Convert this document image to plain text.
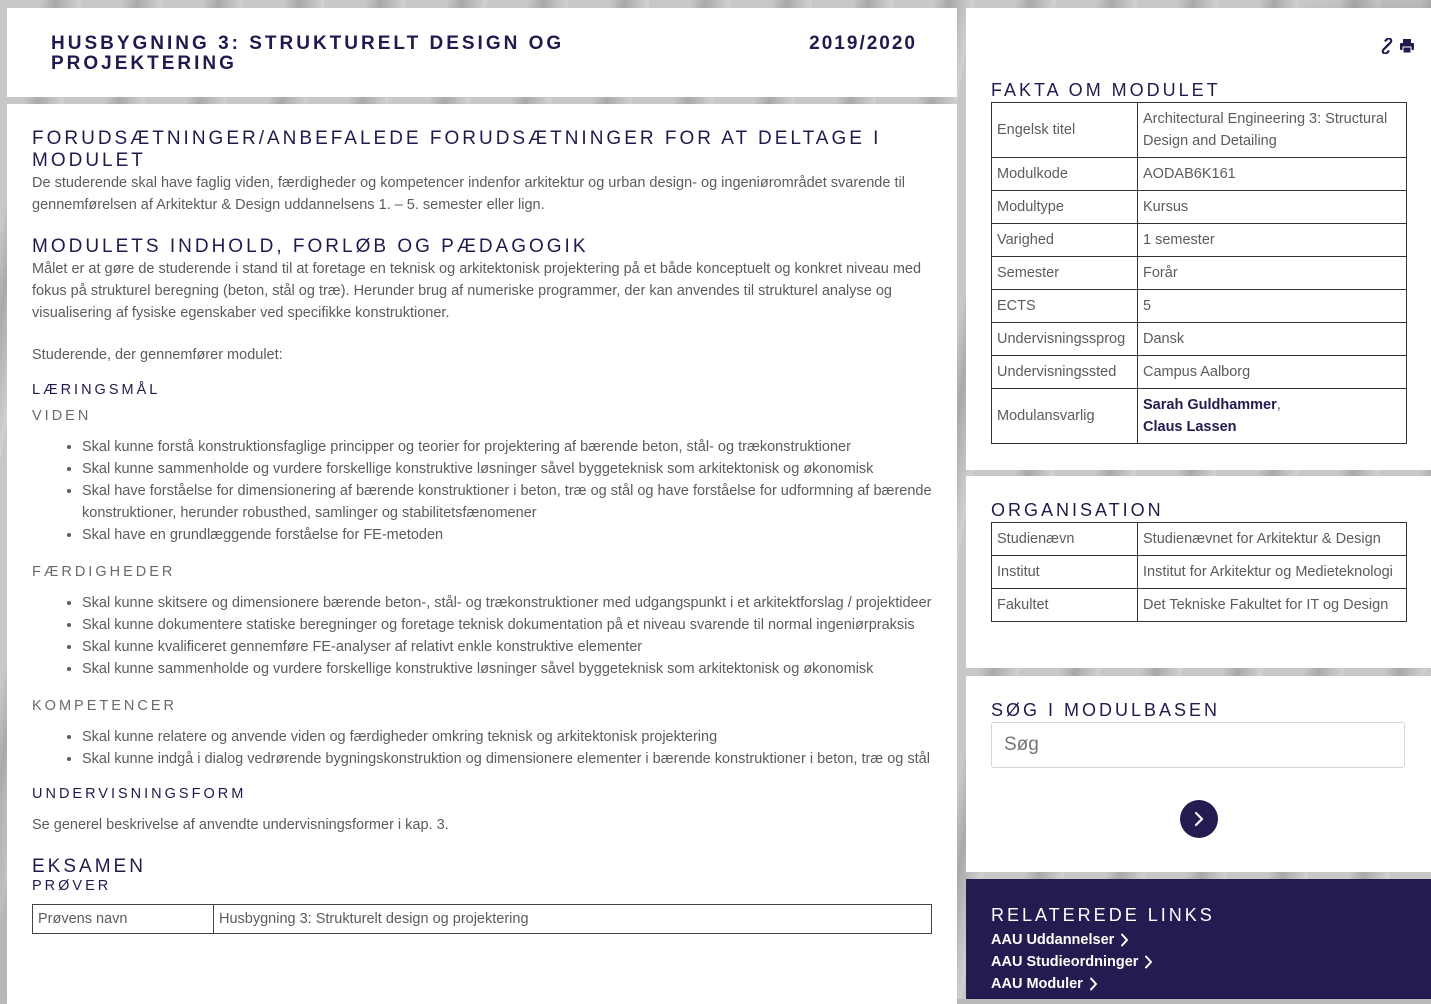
HUSBYGNING 3: STRUKTURELT DESIGN OG PROJEKTERING
2019/2020
FORUDSÆTNINGER/ANBEFALEDE FORUDSÆTNINGER FOR AT DELTAGE I MODULET

De studerende skal have faglig viden, færdigheder og kompetencer indenfor arkitektur og urban design- og ingeniørområdet svarende til gennemførelsen af Arkitektur & Design uddannelsens 1. – 5. semester eller lign.

MODULETS INDHOLD, FORLØB OG PÆDAGOGIK

Målet er at gøre de studerende i stand til at foretage en teknisk og arkitektonisk projektering på et både konceptuelt og konkret niveau med fokus på strukturel beregning (beton, stål og træ). Herunder brug af numeriske programmer, der kan anvendes til strukturel analyse og visualisering af fysiske egenskaber ved specifikke konstruktioner.

Studerende, der gennemfører modulet:

LÆRINGSMÅL
VIDEN
• Skal kunne forstå konstruktionsfaglige principper og teorier for projektering af bærende beton, stål- og trækonstruktioner
• Skal kunne sammenholde og vurdere forskellige konstruktive løsninger såvel byggeteknisk som arkitektonisk og økonomisk
• Skal have forståelse for dimensionering af bærende konstruktioner i beton, træ og stål og have forståelse for udformning af bærende konstruktioner, herunder robusthed, samlinger og stabilitetsfænomener
• Skal have en grundlæggende forståelse for FE-metoden
FÆRDIGHEDER
• Skal kunne skitsere og dimensionere bærende beton-, stål- og trækonstruktioner med udgangspunkt i et arkitektforslag / projektideer
• Skal kunne dokumentere statiske beregninger og foretage teknisk dokumentation på et niveau svarende til normal ingeniørpraksis
• Skal kunne kvalificeret gennemføre FE-analyser af relativt enkle konstruktive elementer
• Skal kunne sammenholde og vurdere forskellige konstruktive løsninger såvel byggeteknisk som arkitektonisk og økonomisk
KOMPETENCER
• Skal kunne relatere og anvende viden og færdigheder omkring teknisk og arkitektonisk projektering
• Skal kunne indgå i dialog vedrørende bygningskonstruktion og dimensionere elementer i bærende konstruktioner i beton, træ og stål
UNDERVISNINGSFORM

Se generel beskrivelse af anvendte undervisningsformer i kap. 3.

EKSAMEN
PRØVER
Prøvens navn	Husbygning 3: Strukturelt design og projektering
FAKTA OM MODULET
Engelsk titel	Architectural Engineering 3: Structural Design and Detailing
Modulkode	AODAB6K161
Modultype	Kursus
Varighed	1 semester
Semester	Forår
ECTS	5
Undervisningssprog	Dansk
Undervisningssted	Campus Aalborg
Modulansvarlig	Sarah Guldhammer,
Claus Lassen
ORGANISATION
Studienævn	Studienævnet for Arkitektur & Design
Institut	Institut for Arkitektur og Medieteknologi
Fakultet	Det Tekniske Fakultet for IT og Design
SØG I MODULBASEN
Søg
RELATEREDE LINKS
AAU Uddannelser
AAU Studieordninger
AAU Moduler
